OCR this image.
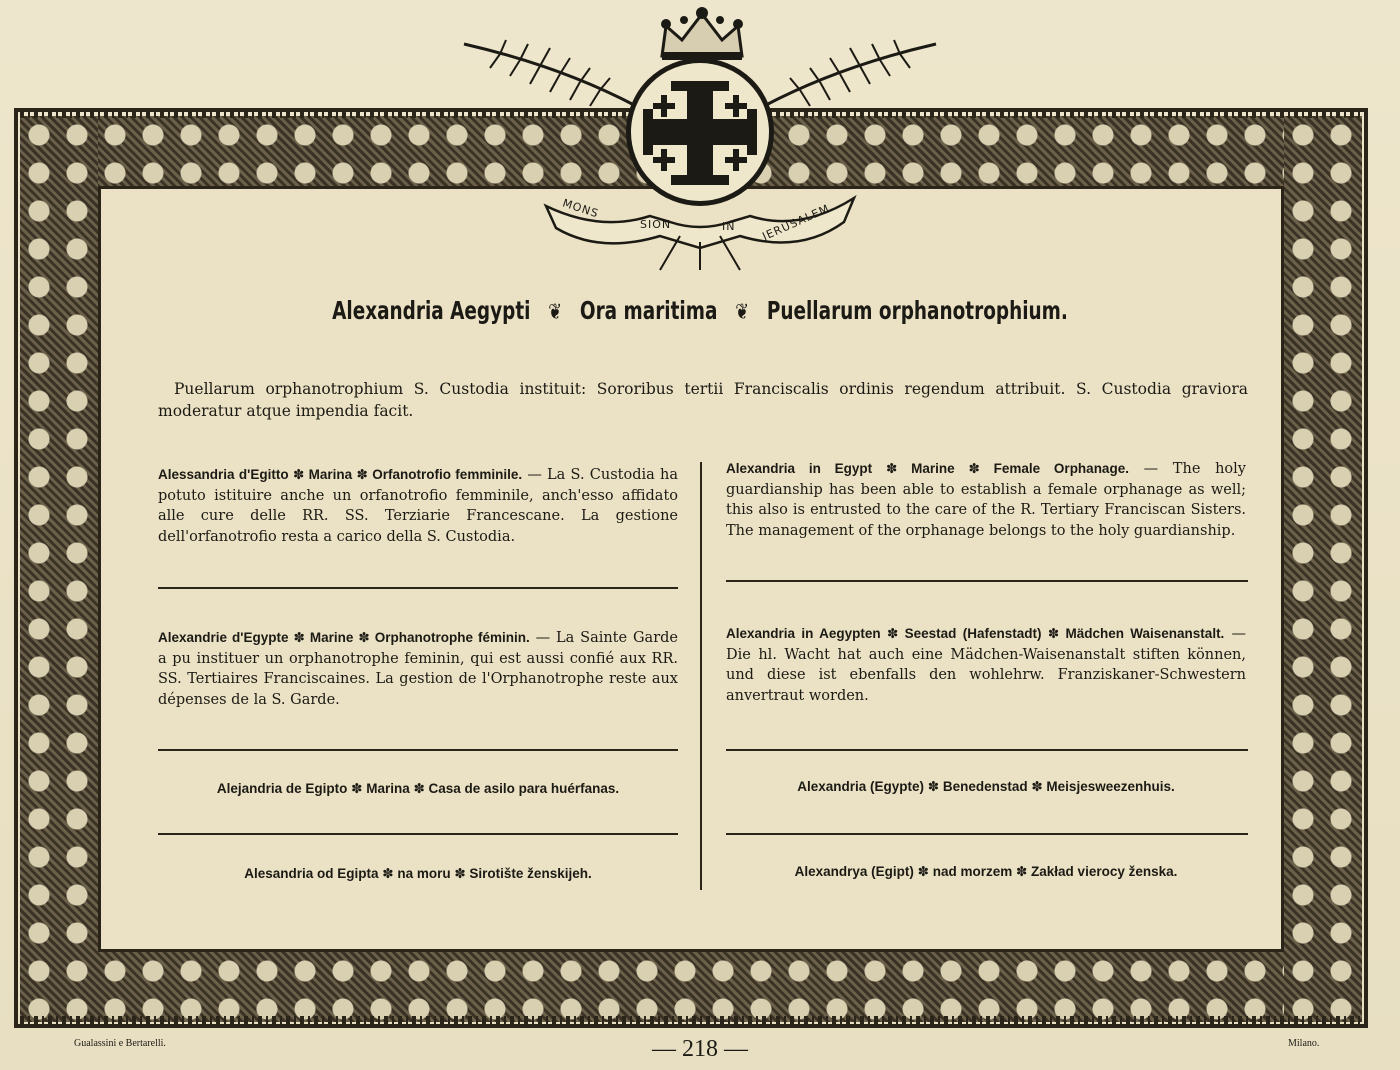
MONS
SION	IN JERUSALEM
Alexandria Aegypti ❦ Ora maritima ❦ Puellarum orphanotrophium.
Puellarum orphanotrophium S. Custodia instituit: Sororibus tertii Franciscalis ordinis regendum attribuit. S. Custodia graviora moderatur atque impendia facit.
Alessandria d'Egitto ✽ Marina ✽ Orfanotrofio femminile. — La S. Custodia ha potuto istituire anche un orfanotrofio femminile, anch'esso affidato alle cure delle RR. SS. Terziarie Francescane. La gestione dell'orfanotrofio resta a carico della S. Custodia.
Alexandria in Egypt ✽ Marine ✽ Female Orphanage. — The holy guardianship has been able to establish a female orphanage as well; this also is entrusted to the care of the R. Tertiary Franciscan Sisters. The management of the orphanage belongs to the holy guardianship.
Alexandrie d'Egypte ✽ Marine ✽ Orphanotrophe féminin. — La Sainte Garde a pu instituer un orphanotrophe feminin, qui est aussi confié aux RR. SS. Tertiaires Franciscaines. La gestion de l'Orphanotrophe reste aux dépenses de la S. Garde.
Alexandria in Aegypten ✽ Seestad (Hafenstadt) ✽ Mädchen Waisenanstalt. — Die hl. Wacht hat auch eine Mädchen-Waisenanstalt stiften können, und diese ist ebenfalls den wohlehrw. Franziskaner-Schwestern anvertraut worden.
Alejandria de Egipto ✽ Marina ✽ Casa de asilo para huérfanas.	Alexandria (Egypte) ✽ Benedenstad ✽ Meisjesweezenhuis.
Alesandria od Egipta ✽ na moru ✽ Sirotište ženskijeh.	Alexandrya (Egipt) ✽ nad morzem ✽ Zakład vierocy ženska.
Gualassini e Bertarelli.	— 218 —	Milano.
